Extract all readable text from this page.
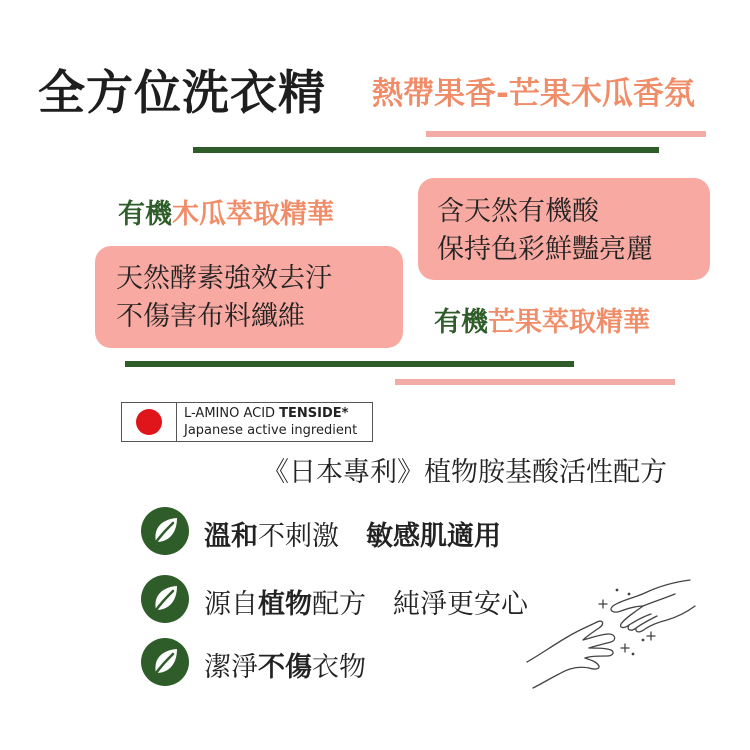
全方位洗衣精 熱帶果香-芒果木瓜香氛
有機木瓜萃取精華	含天然有機酸
保持色彩鮮豔亮麗
天然酵素強效去汙
不傷害布料纖維	有機芒果萃取精華
L-AMINO ACID TENSIDE*
Japanese active ingredient
《日本專利》植物胺基酸活性配方
溫和不刺激　 敏感肌適用
源自植物配方　純淨更安心
潔淨不傷衣物
